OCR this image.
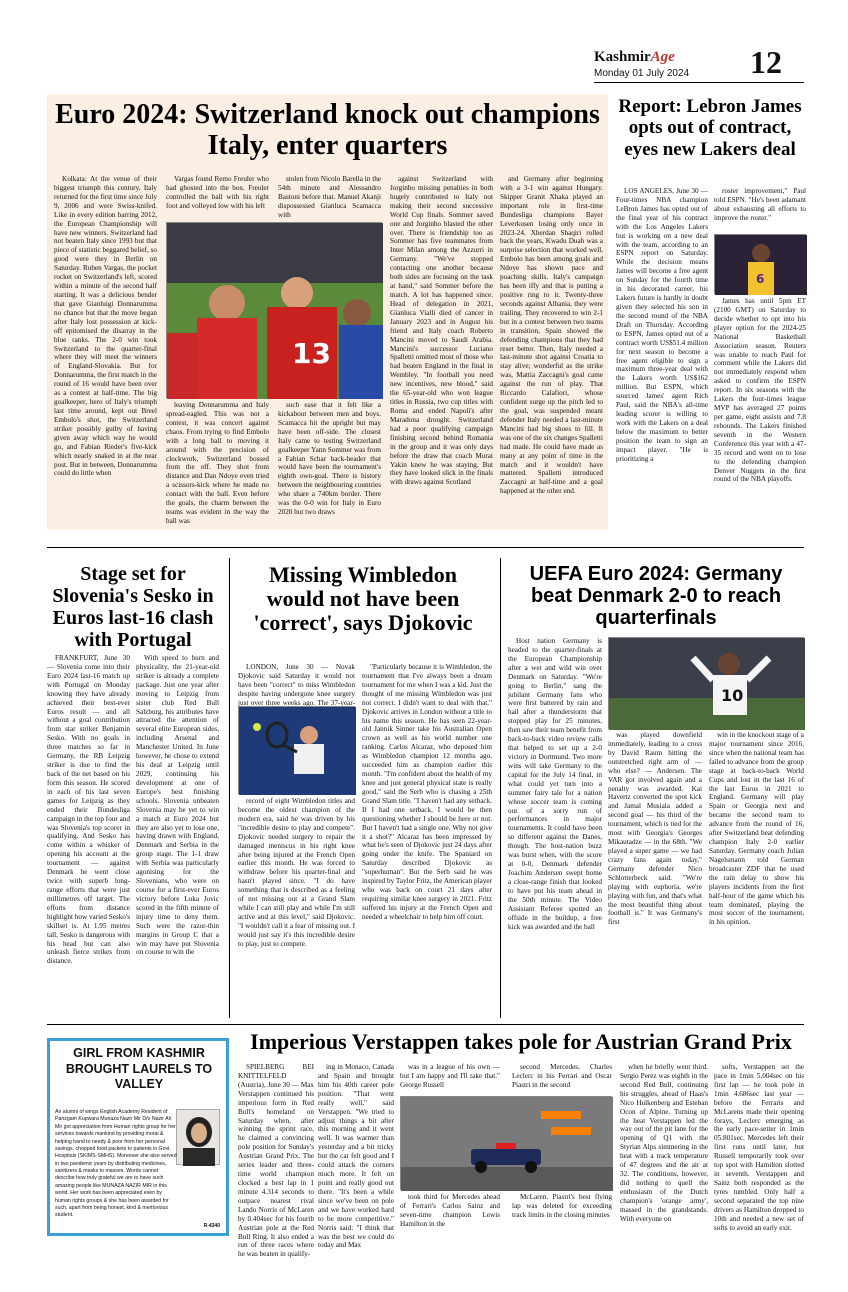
KashmirAge
Monday 01 July 2024 12
Euro 2024: Switzerland knock out champions Italy, enter quarters

Kolkata: At the venue of their biggest triumph this century, Italy returned for the first time since July 9, 2006 and were Swiss-knifed. Like in every edition barring 2012, the European Championship will have new winners. Switzerland had not beaten Italy since 1993 but that piece of statistic beggared belief, so good were they in Berlin on Saturday. Ruben Vargas, the pocket rocket on Switzerland's left, scored within a minute of the second half starting. It was a delicious bender that gave Gianluigi Donnarumma no chance but that the move began after Italy lost possession at kick-off epitomised the disarray in the blue ranks. The 2-0 win took Switzerland to the quarter-final where they will meet the winners of England-Slovakia. But for Donnarumma, the first match in the round of 16 would have been over as a contest at half-time. The big goalkeeper, hero of Italy's triumph last time around, kept out Breel Embolo's shot, the Switzerland striker possibly guilty of having given away which way he would go, and Fabian Rieder's five-kick which nearly snaked in at the near post. But in between, Donnarumma could do little when

Vargas found Remo Freuler who had ghosted into the box. Freuler controlled the ball with his right foot and volleyed low with his left

stolen from Nicolo Barella in the 54th minute and Alessandro Bastoni before that. Manuel Akanji dispossessed Gianluca Scamacca with

13

leaving Donnarumma and Italy spread-eagled. This was not a contest, it was concert against chaos. From trying to find Embolo with a long ball to moving it around with the precision of clockwork, Switzerland bossed from the off. They shot from distance and Dan Ndoye even tried a scissors-kick where he made no contact with the ball. Even before the goals, the charm between the teams was evident in the way the ball was

such ease that it felt like a kickabout between men and boys. Scamacca hit the upright but may have been off-side. The closest Italy came to testing Switzerland goalkeeper Yann Sommer was from a Fabian Schar back-header that would have been the tournament's eighth own-goal. There is history between the neighbouring countries who share a 740km border. There was the 0-0 win for Italy in Euro 2020 but two draws

against Switzerland with Jorginho missing penalties in both hugely contributed to Italy not making their second successive World Cup finals. Sommer saved one and Jorginho blasted the other over. There is friendship too as Sommer has five teammates from Inter Milan among the Azzurri in Germany. "We've stopped contacting one another because both sides are focusing on the task at hand," said Sommer before the match. A lot has happened since. Head of delegation in 2021, Gianluca Vialli died of cancer in January 2023 and in August his friend and Italy coach Roberto Mancini moved to Saudi Arabia. Mancini's successor Luciano Spalletti omitted most of those who had beaten England in the final in Wembley. "In football you need new incentives, new blood," said the 65-year-old who won league titles in Russia, two cup titles with Roma and ended Napoli's after Maradona drought. Switzerland had a poor qualifying campaign finishing second behind Romania in the group and it was only days before the draw that coach Murat Yakin knew he was staying. But they have looked slick in the finals with draws against Scotland

and Germany after beginning with a 3-1 win against Hungary. Skipper Granit Xhaka played an important role in first-time Bundesliga champions Bayer Leverkusen losing only once in 2023-24. Xherdan Shaqiri rolled back the years, Kwadu Duah was a surprise selection that worked well, Embolo has been among goals and Ndoye has shown pace and poaching skills. Italy's campaign has been iffy and that is putting a positive ring to it. Twenty-three seconds against Albania, they were trailing. They recovered to win 2-1 but in a contest between two teams in transition, Spain showed the defending champions that they had reset better. Then, Italy needed a last-minute shot against Croatia to stay alive; wonderful as the strike was, Mattia Zaccagni's goal came against the run of play. That Riccardo Calafiori, whose confident surge up the pitch led to the goal, was suspended meant defender Italy needed a last-minute Mancini had big shoes to fill. It was one of the six changes Spalletti had made. He could have made as many at any point of time in the match and it wouldn't have mattered. Spalletti introduced Zaccagni at half-time and a goal happened at the other end.

Report: Lebron James opts out of contract, eyes new Lakers deal

LOS ANGELES, June 30 — Four-times NBA champion LeBron James has opted out of the final year of his contract with the Los Angeles Lakers but is working on a new deal with the team, according to an ESPN report on Saturday. While the decision means James will become a free agent on Sunday for the fourth time in his decorated career, his Lakers future is hardly in doubt given they selected his son in the second round of the NBA Draft on Thursday. According to ESPN, James opted out of a contract worth US$51.4 million for next season to become a free agent eligible to sign a maximum three-year deal with the Lakers worth US$162 million. But ESPN, which sourced James' agent Rich Paul, said the NBA's all-time leading scorer is willing to work with the Lakers on a deal below the maximum to better position the team to sign an impact player. "He is prioritizing a

roster improvement," Paul told ESPN. "He's been adamant about exhausting all efforts to improve the roster."

6

James has until 5pm ET (2100 GMT) on Saturday to decide whether to opt into his player option for the 2024-25 National Basketball Association season. Reuters was unable to reach Paul for comment while the Lakers did not immediately respond when asked to confirm the ESPN report. In six seasons with the Lakers the four-times league MVP has averaged 27 points per game, eight assists and 7.8 rebounds. The Lakers finished seventh in the Western Conference this year with a 47-35 record and went on to lose to the defending champion Denver Nuggets in the first round of the NBA playoffs.

Stage set for Slovenia's Sesko in Euros last-16 clash with Portugal

FRANKFURT, June 30 — Slovenia come into their Euro 2024 last-16 match up with Portugal on Monday knowing they have already achieved their best-ever Euros result — and all without a goal contribution from star striker Benjamin Sesko. With no goals in three matches so far in Germany, the RB Leipzig striker is due to find the back of the net based on his form this season. He scored in each of his last seven games for Leipzig as they ended their Bundesliga campaign in the top four and was Slovenia's top scorer in qualifying. And Sesko has come within a whisker of opening his account at the tournament — against Denmark he went close twice with superb long-range efforts that were just millimetres off target. The efforts from distance highlight how varied Sesko's skillset is. At 1.95 metres tall, Sesko is dangerous with his head but can also unleash fierce strikes from distance.

With speed to burn and physicality, the 21-year-old striker is already a complete package. Just one year after moving to Leipzig from sister club Red Bull Salzburg, his attributes have attracted the attention of several elite European sides, including Arsenal and Manchester United. In June however, he chose to extend his deal at Leipzig until 2029, continuing his development at one of Europe's best finishing schools. Slovenia unbeaten Slovenia may be yet to win a match at Euro 2024 but they are also yet to lose one, having drawn with England, Denmark and Serbia in the group stage. The 1-1 draw with Serbia was particularly agonising for the Slovenians, who were on course for a first-ever Euros victory before Luka Jovic scored in the fifth minute of injury time to deny them. Such were the razor-thin margins in Group C that a win may have put Slovenia on course to win the

Missing Wimbledon would not have been 'correct', says Djokovic

LONDON, June 30 — Novak Djokovic said Saturday it would not have been "correct" to miss Wimbledon despite having undergone knee surgery just over three weeks ago. The 37-year-

record of eight Wimbledon titles and become the oldest champion of the modern era, said he was driven by his "incredible desire to play and compete". Djokovic needed surgery to repair the damaged meniscus in his right knee after being injured at the French Open earlier this month. He was forced to withdraw before his quarter-final and hasn't played since. "I do have something that is described as a feeling of not missing out at a Grand Slam while I can still play and while I'm still active and at this level," said Djokovic. "I wouldn't call it a fear of missing out. I would just say it's this incredible desire to play, just to compete.

"Particularly because it is Wimbledon, the tournament that I've always been a dream tournament for me when I was a kid. Just the thought of me missing Wimbledon was just not correct. I didn't want to deal with that." Djokovic arrives in London without a title to his name this season. He has seen 22-year-old Jannik Sinner take his Australian Open crown as well as his world number one ranking. Carlos Alcaraz, who deposed him as Wimbledon champion 12 months ago, succeeded him as champion earlier this month. "I'm confident about the health of my knee and just general physical state is really good," said the Serb who is chasing a 25th Grand Slam title. "I haven't had any setback. If I had one setback, I would be then questioning whether I should be here or not. But I haven't had a single one. Why not give it a shot?" Alcaraz has been impressed by what he's seen of Djokovic just 24 days after going under the knife. The Spaniard on Saturday described Djokovic as "superhuman". But the Serb said he was inspired by Taylor Fritz, the American player who was back on court 21 days after requiring similar knee surgery in 2021. Fritz suffered his injury at the French Open and needed a wheelchair to help him off court.

UEFA Euro 2024: Germany beat Denmark 2-0 to reach quarterfinals

Host nation Germany is headed to the quarter-finals at the European Championship after a wet and wild win over Denmark on Saturday. "We're going to Berlin," sang the jubilant Germany fans who were first battered by rain and hail after a thunderstorm that stopped play for 25 minutes, then saw their team benefit from back-to-back video review calls that helped to set up a 2-0 victory in Dortmund. Two more wins will take Germany to the capital for the July 14 final, in what could yet turn into a summer fairy tale for a nation whose soccer team is coming out of a sorry run of performances in major tournaments. It could have been so different against the Danes, though. The host-nation buzz was burst when, with the score at 0-0, Denmark defender Joachim Andersen swept home a close-range finish that looked to have put his team ahead in the 50th minute. The Video Assistant Referee spotted an offside in the buildup, a free kick was awarded and the ball

10

was played downfield immediately, leading to a cross by David Raum hitting the outstretched right arm of — who else? — Andersen. The VAR got involved again and a penalty was awarded. Kai Havertz converted the spot kick and Jamal Musiala added a second goal — his third of the tournament, which is tied for the most with Georgia's Georges Mikautadze — in the 68th. "We played a super game — we had crazy fans again today," Germany defender Nico Schlotterbeck said. "We're playing with euphoria, we're playing with fun, and that's what the most beautiful thing about football is." It was Germany's first

win in the knockout stage of a major tournament since 2016, since when the national team has failed to advance from the group stage at back-to-back World Cups and lost in the last 16 of the last Euros in 2021 to England. Germany will play Spain or Georgia next and became the second team to advance from the round of 16, after Switzerland beat defending champion Italy 2-0 earlier Saturday. Germany coach Julian Nagelsmann told German broadcaster ZDF that he used the rain delay to show his players incidents from the first half-hour of the game which his team dominated, playing the most soccer of the tournament, in his opinion.

Imperious Verstappen takes pole for Austrian Grand Prix

SPIELBERG BEI KNITTELFELD (Austria), June 30 — Max Verstappen continued his imperious form in Red Bull's homeland on Saturday when, after winning the sprint race, he claimed a convincing pole position for Sunday's Austrian Grand Prix. The series leader and three-time world champion clocked a best lap in 1 minute 4.314 seconds to outpace nearest rival Lando Norris of McLaren by 0.404sec for his fourth Austrian pole at the Red Bull Ring. It also ended a run of three races where he was beaten in qualify-

ing in Monaco, Canada and Spain and brought him his 40th career pole position. "That went really well," said Verstappen. "We tried to adjust things a bit after this morning and it went well. It was warmer than yesterday and a bit tricky but the car felt good and I could attack the corners much more. It felt on point and really good out there. "It's been a while since we've been on pole and we have worked hard to be more competitive." Norris said: "I think that was the best we could do today and Max

was in a league of his own — but I am happy and I'll take that." George Russell

second Mercedes, Charles Leclerc in his Ferrari and Oscar Piastri in the second

took third for Mercedes ahead of Ferrari's Carlos Sainz and seven-time champion Lewis Hamilton in the

McLaren. Piastri's best flying lap was deleted for exceeding track limits in the closing minutes

when he briefly went third. Sergio Perez was eighth in the second Red Bull, continuing his struggles, ahead of Haas's Nico Hulkenberg and Esteban Ocon of Alpine. Turning up the heat Verstappen led the way out of the pit lane for the opening of Q1 with the Styrian Alps simmering in the heat with a track temperature of 47 degrees and the air at 32. The conditions, however, did nothing to quell the enthusiasm of the Dutch champion's 'orange army', massed in the grandstands. With everyone on

softs, Verstappen set the pace in 1min 5.004sec on his first lap — he took pole in 1min 4.686sec last year — before the Ferraris and McLarens made their opening forays, Leclerc emerging as the early pace-setter in 1min 05.801sec. Mercedes left their first runs until later, but Russell temporarily took over top spot with Hamilton slotted in seventh. Verstappen and Sainz both responded as the tyres tumbled. Only half a second separated the top nine drivers as Hamilton dropped to 10th and needed a new set of softs to avoid an early exit.

GIRL FROM KASHMIR BROUGHT LAURELS TO VALLEY
An alumni of wings English Academy Resident of Panzgam Kupwara Munaza Nazir Mir D/o Nazir Ah Mir got appreciation from Human rights group for her services towards mankind by providing moral & helping hand to needy & poor from her personal savings, chopped food packets to patients in Govt. Hospitals (SKIMS-SMHS). Moreover she also served in two pandemic years by distributing medicines, sanitizers & masks to masses. Words cannot describe how truly grateful we are to have such amazing people like MUNAZA NAZIR MIR in this world. Her work has been appreciated even by human rights groups & she has been awarded for such, apart from being honest, kind & meritorious student.
R-4340
